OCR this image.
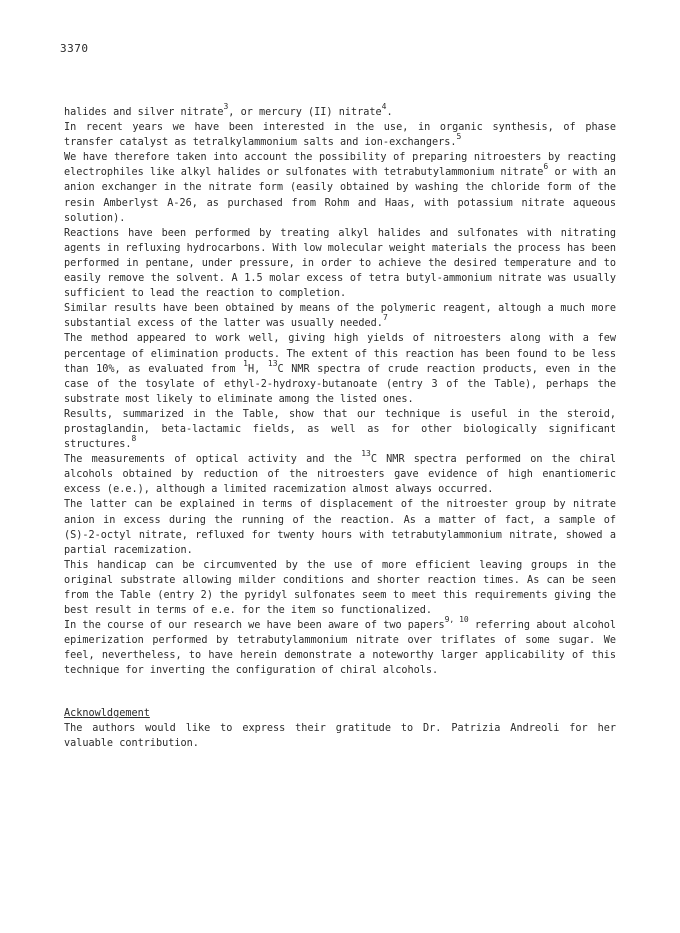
3370

halides and silver nitrate$^3$, or mercury (II) nitrate$^4$.

In recent years we have been interested in the use, in organic synthesis, of phase transfer catalyst as tetralkylammonium salts and ion-exchangers.$^5$

We have therefore taken into account the possibility of preparing nitroesters by reacting electrophiles like alkyl halides or sulfonates with tetrabutylammonium nitrate$^6$ or with an anion exchanger in the nitrate form (easily obtained by washing the chloride form of the resin Amberlyst A-26, as purchased from Rohm and Haas, with potassium nitrate aqueous solution).

Reactions have been performed by treating alkyl halides and sulfonates with nitrating agents in refluxing hydrocarbons. With low molecular weight materials the process has been performed in pentane, under pressure, in order to achieve the desired temperature and to easily remove the solvent. A 1.5 molar excess of tetra butyl-ammonium nitrate was usually sufficient to lead the reaction to completion.

Similar results have been obtained by means of the polymeric reagent, altough a much more substantial excess of the latter was usually needed.$^7$

The method appeared to work well, giving high yields of nitroesters along with a few percentage of elimination products. The extent of this reaction has been found to be less than 10%, as evaluated from $^1$H, $^{13}$C NMR spectra of crude reaction products, even in the case of the tosylate of ethyl-2-hydroxy-butanoate (entry 3 of the Table), perhaps the substrate most likely to eliminate among the listed ones.

Results, summarized in the Table, show that our technique is useful in the steroid, prostaglandin, beta-lactamic fields, as well as for other biologically significant structures.$^8$

The measurements of optical activity and the $^{13}$C NMR spectra performed on the chiral alcohols obtained by reduction of the nitroesters gave evidence of high enantiomeric excess (e.e.), although a limited racemization almost always occurred.

The latter can be explained in terms of displacement of the nitroester group by nitrate anion in excess during the running of the reaction. As a matter of fact, a sample of (S)-2-octyl nitrate, refluxed for twenty hours with tetrabutylammonium nitrate, showed a partial racemization.

This handicap can be circumvented by the use of more efficient leaving groups in the original substrate allowing milder conditions and shorter reaction times. As can be seen from the Table (entry 2) the pyridyl sulfonates seem to meet this requirements giving the best result in terms of e.e. for the item so functionalized.

In the course of our research we have been aware of two papers$^{9, 10}$ referring about alcohol epimerization performed by tetrabutylammonium nitrate over triflates of some sugar. We feel, nevertheless, to have herein demonstrate a noteworthy larger applicability of this technique for inverting the configuration of chiral alcohols.

Acknowldgement

The authors would like to express their gratitude to Dr. Patrizia Andreoli for her valuable contribution.
